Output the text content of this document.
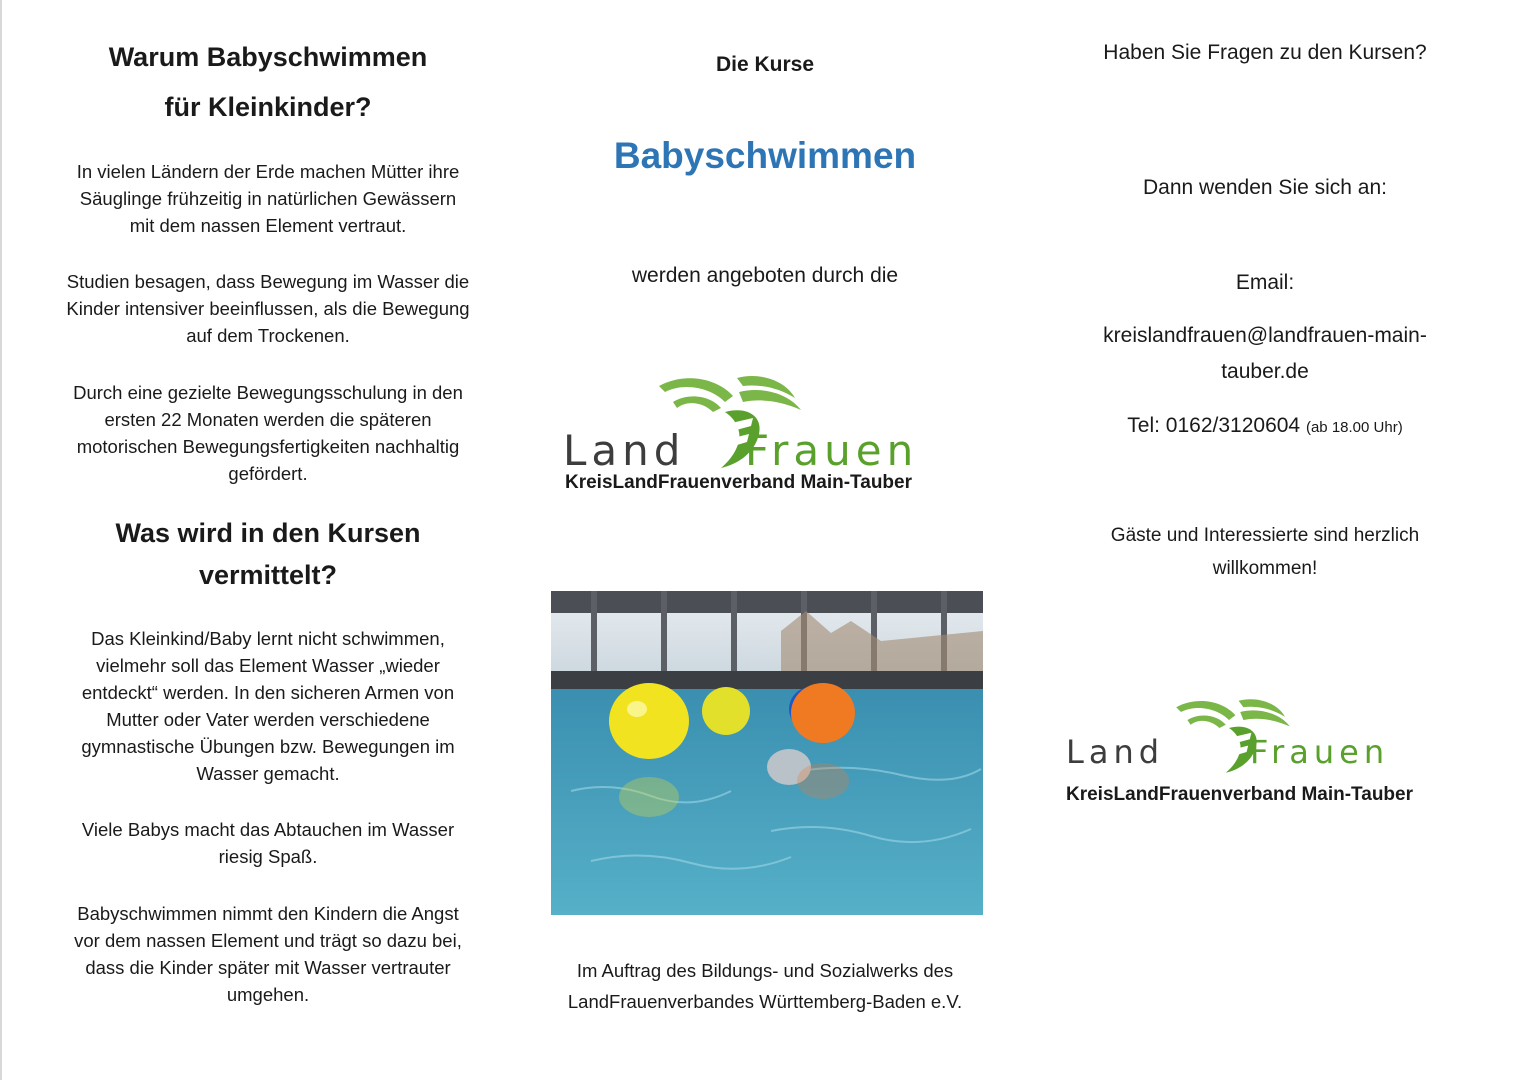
Warum Babyschwimmen

für Kleinkinder?

In vielen Ländern der Erde machen Mütter ihre

Säuglinge frühzeitig in natürlichen Gewässern

mit dem nassen Element vertraut.

Studien besagen, dass Bewegung im Wasser die

Kinder intensiver beeinflussen, als die Bewegung

auf dem Trockenen.

Durch eine gezielte Bewegungsschulung in den

ersten 22 Monaten werden die späteren

motorischen Bewegungsfertigkeiten nachhaltig

gefördert.

Was wird in den Kursen

vermittelt?

Das Kleinkind/Baby lernt nicht schwimmen,

vielmehr soll das Element Wasser „wieder

entdeckt“ werden. In den sicheren Armen von

Mutter oder Vater werden verschiedene

gymnastische Übungen bzw. Bewegungen im

Wasser gemacht.

Viele Babys macht das Abtauchen im Wasser

riesig Spaß.

Babyschwimmen nimmt den Kindern die Angst

vor dem nassen Element und trägt so dazu bei,

dass die Kinder später mit Wasser vertrauter

umgehen.

Die Kurse
Babyschwimmen
werden angeboten durch die
Land Frauen
KreisLandFrauenverband Main-Tauber
Im Auftrag des Bildungs- und Sozialwerks des
LandFrauenverbandes Württemberg-Baden e.V.
Haben Sie Fragen zu den Kursen?
Dann wenden Sie sich an:
Email:
kreislandfrauen@landfrauen-main-
tauber.de
Tel: 0162/3120604 (ab 18.00 Uhr)
Gäste und Interessierte sind herzlich
willkommen!
Land	Frauen
KreisLandFrauenverband Main-Tauber
